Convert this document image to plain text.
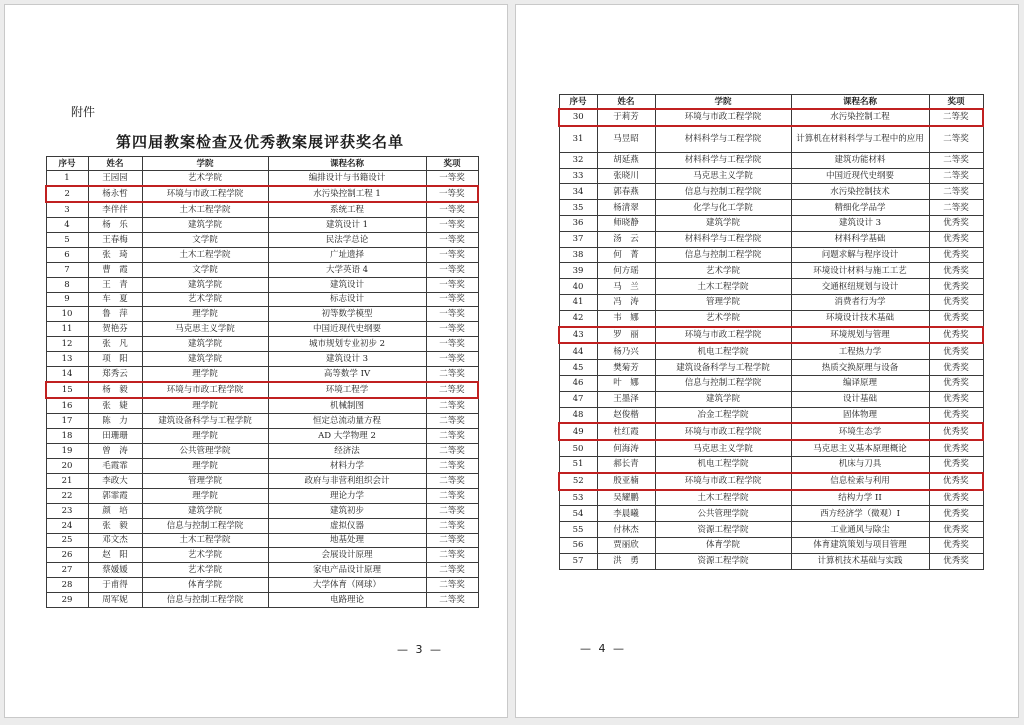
附件
第四届教案检查及优秀教案展评获奖名单
序号	姓名	学院	课程名称	奖项
1	王园园	艺术学院	编排设计与书籍设计	一等奖
2	杨永哲	环境与市政工程学院	水污染控制工程 1	一等奖
3	李伴伴	土木工程学院	系统工程	一等奖
4	杨　乐	建筑学院	建筑设计 1	一等奖
5	王春梅	文学院	民法学总论	一等奖
6	张　琦	土木工程学院	广址遗择	一等奖
7	曹　霞	文学院	大学英语 4	一等奖
8	王　青	建筑学院	建筑设计	一等奖
9	车　夏	艺术学院	标志设计	一等奖
10	鲁　萍	理学院	初等数学模型	一等奖
11	贺艳芬	马克思主义学院	中国近现代史纲要	一等奖
12	张　凡	建筑学院	城市规划专业初步 2	一等奖
13	项　阳	建筑学院	建筑设计 3	一等奖
14	郑秀云	理学院	高等数学 IV	二等奖
15	杨　毅	环境与市政工程学院	环境工程学	二等奖
16	张　婕	理学院	机械制图	二等奖
17	陈　力	建筑设备科学与工程学院	恒定总流动量方程	二等奖
18	田珊珊	理学院	AD 大学物理 2	二等奖
19	曾　涛	公共管理学院	经济法	二等奖
20	毛霞霏	理学院	材料力学	二等奖
21	李政大	管理学院	政府与非营利组织会计	二等奖
22	郭霏霞	理学院	理论力学	二等奖
23	颜　培	建筑学院	建筑初步	二等奖
24	张　毅	信息与控制工程学院	虚拟仪器	二等奖
25	邓文杰	土木工程学院	地基处理	二等奖
26	赵　阳	艺术学院	会展设计原理	二等奖
27	蔡媛媛	艺术学院	家电产品设计原理	二等奖
28	于甫得	体育学院	大学体育（网球）	二等奖
29	周军妮	信息与控制工程学院	电路理论	二等奖
— 3 —
序号	姓名	学院	课程名称	奖项
30	于莉芳	环境与市政工程学院	水污染控制工程	二等奖
31	马昱昭	材料科学与工程学院	计算机在材料科学与工程中的应用	二等奖
32	胡延燕	材料科学与工程学院	建筑功能材料	二等奖
33	张晓川	马克思主义学院	中国近现代史纲要	二等奖
34	郭春燕	信息与控制工程学院	水污染控制技术	二等奖
35	杨清翠	化学与化工学院	精细化学品学	二等奖
36	师晓静	建筑学院	建筑设计 3	优秀奖
37	汤　云	材料科学与工程学院	材料科学基础	优秀奖
38	何　菁	信息与控制工程学院	问题求解与程序设计	优秀奖
39	何方瑶	艺术学院	环境设计材料与施工工艺	优秀奖
40	马　兰	土木工程学院	交通枢纽规划与设计	优秀奖
41	冯　涛	管理学院	消费者行为学	优秀奖
42	韦　娜	艺术学院	环境设计技术基础	优秀奖
43	罗　丽	环境与市政工程学院	环境规划与管理	优秀奖
44	杨乃兴	机电工程学院	工程热力学	优秀奖
45	樊菊芳	建筑设备科学与工程学院	热质交换原理与设备	优秀奖
46	叶　娜	信息与控制工程学院	编译原理	优秀奖
47	王墨泽	建筑学院	设计基础	优秀奖
48	赵俊楷	冶金工程学院	固体物理	优秀奖
49	杜红霞	环境与市政工程学院	环境生态学	优秀奖
50	何海涛	马克思主义学院	马克思主义基本原理概论	优秀奖
51	郝长青	机电工程学院	机床与刀具	优秀奖
52	殷亚楠	环境与市政工程学院	信息检索与利用	优秀奖
53	吴耀鹏	土木工程学院	结构力学 II	优秀奖
54	李晨曦	公共管理学院	西方经济学（微观）I	优秀奖
55	付林杰	资源工程学院	工业通风与除尘	优秀奖
56	贾丽欣	体育学院	体育建筑策划与项目管理	优秀奖
57	洪　勇	资源工程学院	计算机技术基础与实践	优秀奖
— 4 —
